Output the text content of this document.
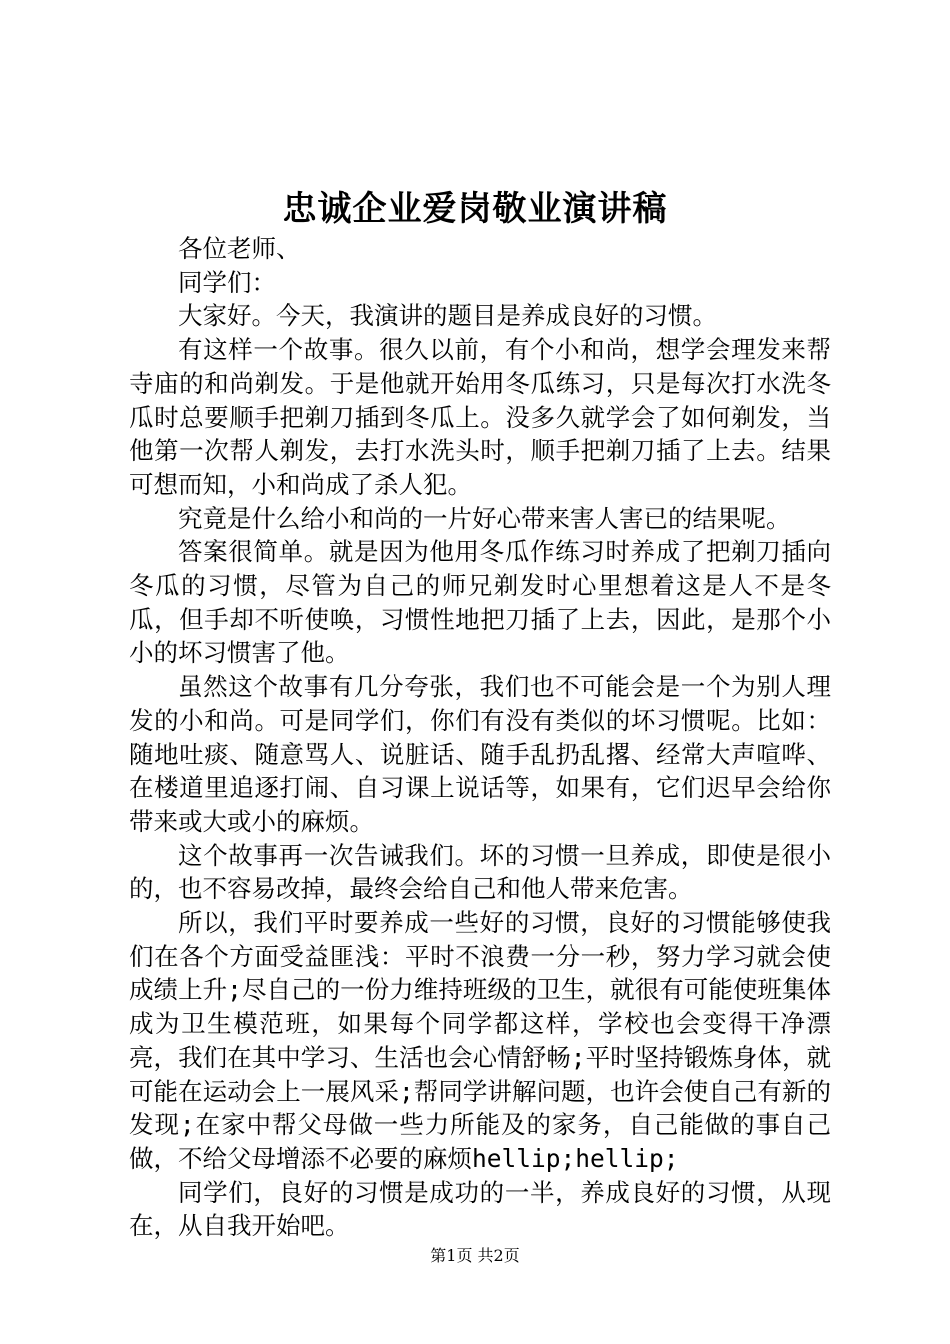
忠诚企业爱岗敬业演讲稿

各位老师、

同学们：

大家好。今天，我演讲的题目是养成良好的习惯。

有这样一个故事。很久以前，有个小和尚，想学会理发来帮寺庙的和尚剃发。于是他就开始用冬瓜练习，只是每次打水洗冬瓜时总要顺手把剃刀插到冬瓜上。没多久就学会了如何剃发，当他第一次帮人剃发，去打水洗头时，顺手把剃刀插了上去。结果可想而知，小和尚成了杀人犯。

究竟是什么给小和尚的一片好心带来害人害已的结果呢。

答案很简单。就是因为他用冬瓜作练习时养成了把剃刀插向冬瓜的习惯，尽管为自己的师兄剃发时心里想着这是人不是冬瓜，但手却不听使唤，习惯性地把刀插了上去，因此，是那个小小的坏习惯害了他。

虽然这个故事有几分夸张，我们也不可能会是一个为别人理发的小和尚。可是同学们，你们有没有类似的坏习惯呢。比如：随地吐痰、随意骂人、说脏话、随手乱扔乱撂、经常大声喧哗、在楼道里追逐打闹、自习课上说话等，如果有，它们迟早会给你带来或大或小的麻烦。

这个故事再一次告诫我们。坏的习惯一旦养成，即使是很小的，也不容易改掉，最终会给自己和他人带来危害。

所以，我们平时要养成一些好的习惯，良好的习惯能够使我们在各个方面受益匪浅：平时不浪费一分一秒，努力学习就会使成绩上升;尽自己的一份力维持班级的卫生，就很有可能使班集体成为卫生模范班，如果每个同学都这样，学校也会变得干净漂亮，我们在其中学习、生活也会心情舒畅;平时坚持锻炼身体，就可能在运动会上一展风采;帮同学讲解问题，也许会使自己有新的发现;在家中帮父母做一些力所能及的家务，自己能做的事自己做，不给父母增添不必要的麻烦hellip;hellip;

同学们，良好的习惯是成功的一半，养成良好的习惯，从现在，从自我开始吧。

第1页 共2页
